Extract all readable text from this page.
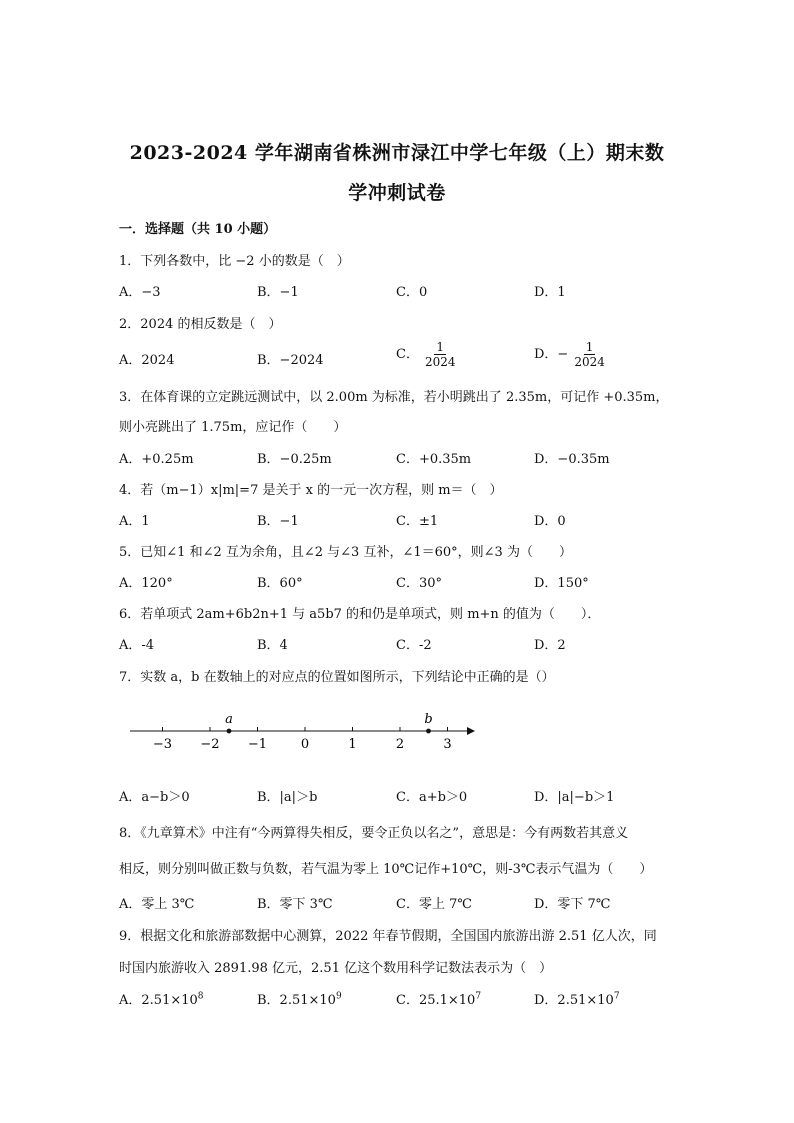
2023-2024 学年湖南省株洲市渌江中学七年级（上）期末数
学冲刺试卷
一．选择题（共 10 小题）
1．下列各数中，比 −2 小的数是（　）
A．−3	B．−1	C．0	D．1
2．2024 的相反数是（　）
A．2024	B．−2024	C． $\frac{1}{2024}$	D．− $\frac{1}{2024}$
3．在体育课的立定跳远测试中，以 2.00m 为标准，若小明跳出了 2.35m，可记作 +0.35m，
则小亮跳出了 1.75m，应记作（　　）
A．+0.25m	B．−0.25m	C．+0.35m	D．−0.35m
4．若（m−1）x|m|=7 是关于 x 的一元一次方程，则 m＝（　）
A．1	B．−1	C．±1	D．0
5．已知∠1 和∠2 互为余角，且∠2 与∠3 互补，∠1＝60°，则∠3 为（　　）
A．120°	B．60°	C．30°	D．150°
6．若单项式 2am+6b2n+1 与 a5b7 的和仍是单项式，则 m+n 的值为（　　）．
A．-4	B．4	C．-2	D．2
7．实数 a，b 在数轴上的对应点的位置如图所示，下列结论中正确的是（）
−3 −2 −1	0	1	2	3
a	b
A．a−b＞0	B．|a|＞b	C．a+b＞0	D．|a|−b＞1
8．《九章算术》中注有“今两算得失相反，要令正负以名之”，意思是：今有两数若其意义
相反，则分别叫做正数与负数，若气温为零上 10℃记作+10℃，则-3℃表示气温为（　　）
A．零上 3℃	B．零下 3℃	C．零上 7℃	D．零下 7℃
9．根据文化和旅游部数据中心测算，2022 年春节假期，全国国内旅游出游 2.51 亿人次，同
时国内旅游收入 2891.98 亿元，2.51 亿这个数用科学记数法表示为（　）
A．$2.51\times 10^8$	B．$2.51\times 10^9$	C．$25.1\times 10^7$	D．$2.51\times 10^7$
